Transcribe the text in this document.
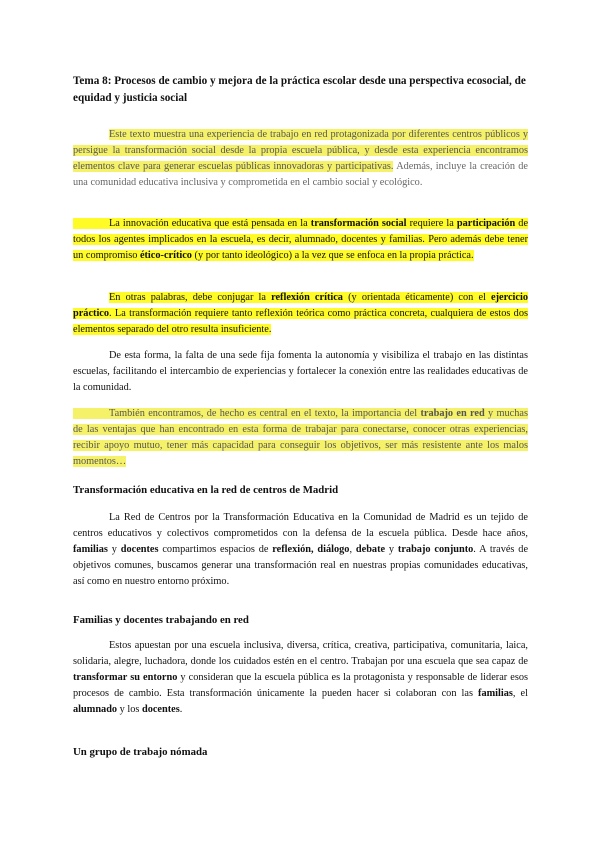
Tema 8: Procesos de cambio y mejora de la práctica escolar desde una perspectiva ecosocial, de equidad y justicia social

Este texto muestra una experiencia de trabajo en red protagonizada por diferentes centros públicos y persigue la transformación social desde la propia escuela pública, y desde esta experiencia encontramos elementos clave para generar escuelas públicas innovadoras y participativas. Además, incluye la creación de una comunidad educativa inclusiva y comprometida en el cambio social y ecológico.

La innovación educativa que está pensada en la transformación social requiere la participación de todos los agentes implicados en la escuela, es decir, alumnado, docentes y familias. Pero además debe tener un compromiso ético-crítico (y por tanto ideológico) a la vez que se enfoca en la propia práctica.

En otras palabras, debe conjugar la reflexión crítica (y orientada éticamente) con el ejercicio práctico. La transformación requiere tanto reflexión teórica como práctica concreta, cualquiera de estos dos elementos separado del otro resulta insuficiente.

De esta forma, la falta de una sede fija fomenta la autonomía y visibiliza el trabajo en las distintas escuelas, facilitando el intercambio de experiencias y fortalecer la conexión entre las realidades educativas de la comunidad.

También encontramos, de hecho es central en el texto, la importancia del trabajo en red y muchas de las ventajas que han encontrado en esta forma de trabajar para conectarse, conocer otras experiencias, recibir apoyo mutuo, tener más capacidad para conseguir los objetivos, ser más resistente ante los malos momentos…

Transformación educativa en la red de centros de Madrid

La Red de Centros por la Transformación Educativa en la Comunidad de Madrid es un tejido de centros educativos y colectivos comprometidos con la defensa de la escuela pública. Desde hace años, familias y docentes compartimos espacios de reflexión, diálogo, debate y trabajo conjunto. A través de objetivos comunes, buscamos generar una transformación real en nuestras propias comunidades educativas, así como en nuestro entorno próximo.

Familias y docentes trabajando en red

Estos apuestan por una escuela inclusiva, diversa, crítica, creativa, participativa, comunitaria, laica, solidaria, alegre, luchadora, donde los cuidados estén en el centro. Trabajan por una escuela que sea capaz de transformar su entorno y consideran que la escuela pública es la protagonista y responsable de liderar esos procesos de cambio. Esta transformación únicamente la pueden hacer si colaboran con las familias, el alumnado y los docentes.

Un grupo de trabajo nómada
